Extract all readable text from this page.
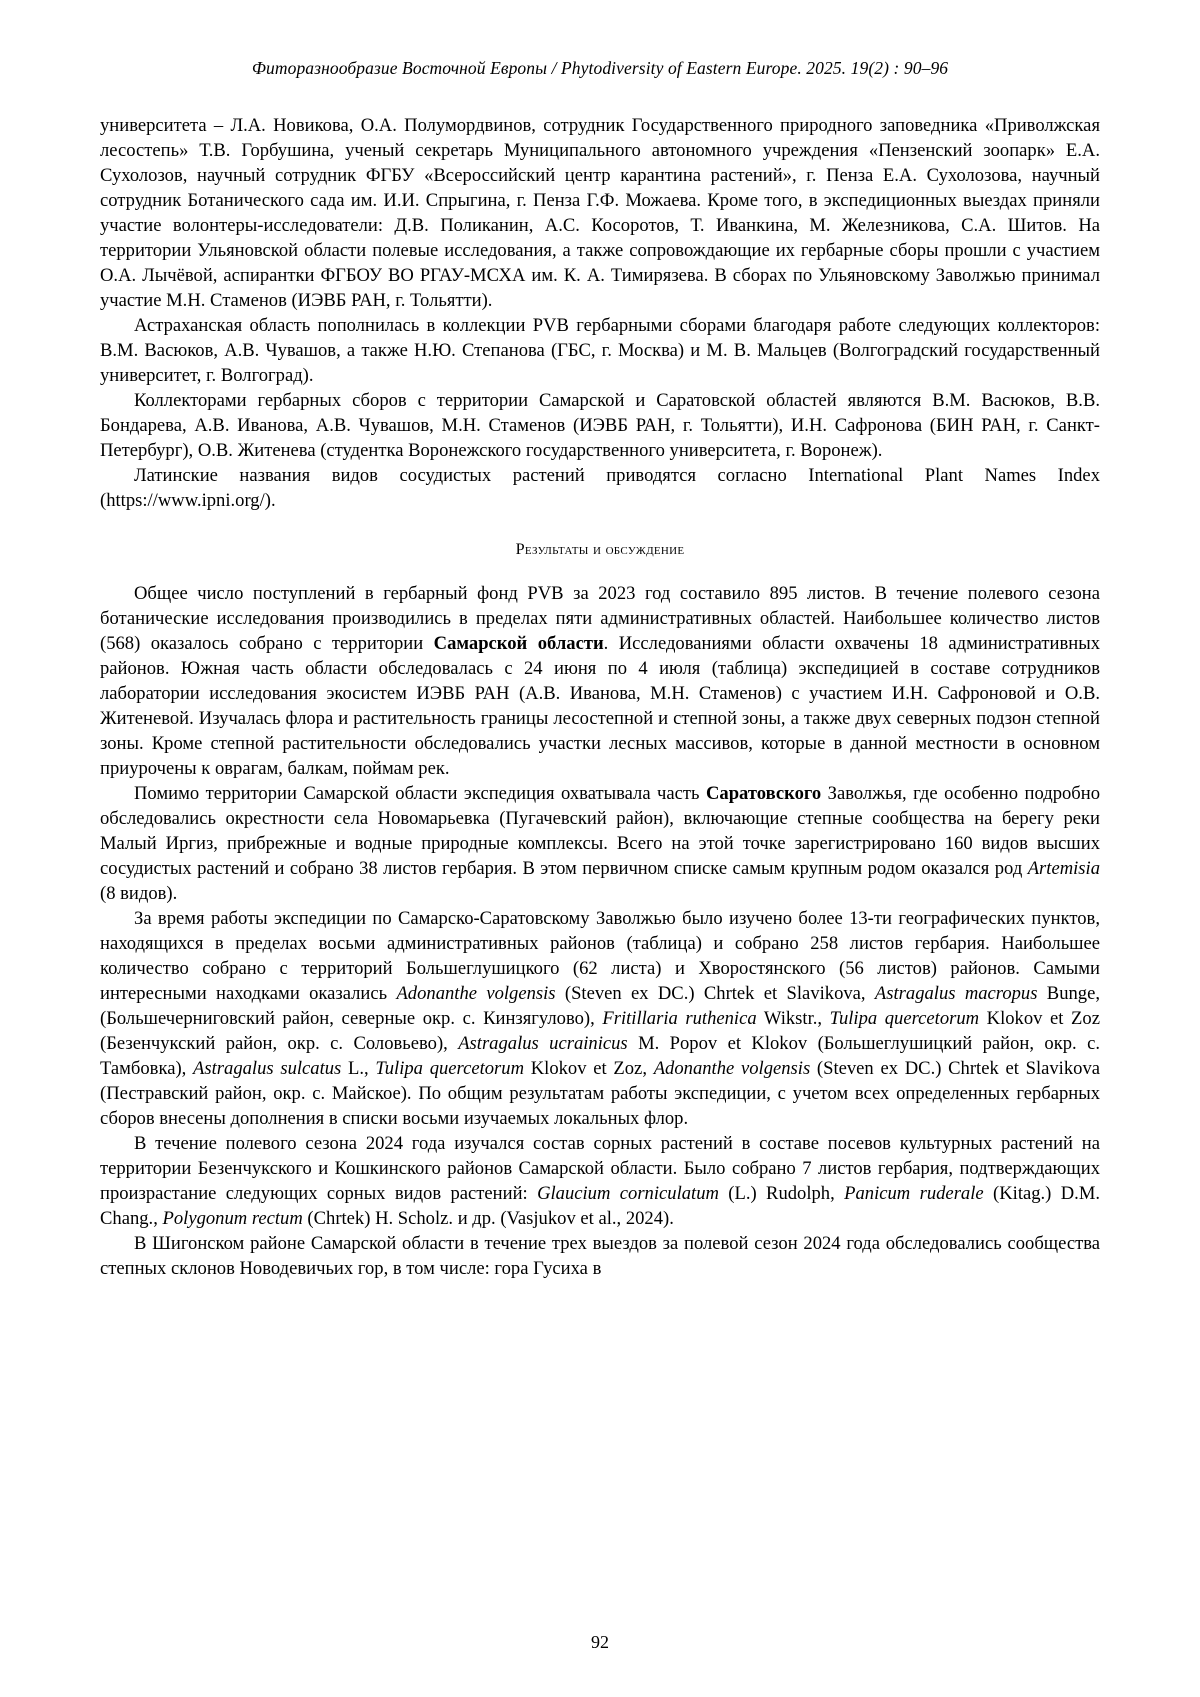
Фиторазнообразие Восточной Европы / Phytodiversity of Eastern Europe. 2025. 19(2) : 90–96

университета – Л.А. Новикова, О.А. Полумордвинов, сотрудник Государственного природного заповедника «Приволжская лесостепь» Т.В. Горбушина, ученый секретарь Муниципального автономного учреждения «Пензенский зоопарк» Е.А. Сухолозов, научный сотрудник ФГБУ «Всероссийский центр карантина растений», г. Пенза Е.А. Сухолозова, научный сотрудник Ботанического сада им. И.И. Спрыгина, г. Пенза Г.Ф. Можаева. Кроме того, в экспедиционных выездах приняли участие волонтеры-исследователи: Д.В. Поликанин, А.С. Косоротов, Т. Иванкина, М. Железникова, С.А. Шитов. На территории Ульяновской области полевые исследования, а также сопровождающие их гербарные сборы прошли с участием О.А. Лычёвой, аспирантки ФГБОУ ВО РГАУ-МСХА им. К. А. Тимирязева. В сборах по Ульяновскому Заволжью принимал участие М.Н. Стаменов (ИЭВБ РАН, г. Тольятти).

Астраханская область пополнилась в коллекции PVB гербарными сборами благодаря работе следующих коллекторов: В.М. Васюков, А.В. Чувашов, а также Н.Ю. Степанова (ГБС, г. Москва) и М. В. Мальцев (Волгоградский государственный университет, г. Волгоград).

Коллекторами гербарных сборов с территории Самарской и Саратовской областей являются В.М. Васюков, В.В. Бондарева, А.В. Иванова, А.В. Чувашов, М.Н. Стаменов (ИЭВБ РАН, г. Тольятти), И.Н. Сафронова (БИН РАН, г. Санкт-Петербург), О.В. Житенева (студентка Воронежского государственного университета, г. Воронеж).

Латинские названия видов сосудистых растений приводятся согласно International Plant Names Index (https://www.ipni.org/).

Результаты и обсуждение

Общее число поступлений в гербарный фонд PVB за 2023 год составило 895 листов. В течение полевого сезона ботанические исследования производились в пределах пяти административных областей. Наибольшее количество листов (568) оказалось собрано с территории Самарской области. Исследованиями области охвачены 18 административных районов. Южная часть области обследовалась с 24 июня по 4 июля (таблица) экспедицией в составе сотрудников лаборатории исследования экосистем ИЭВБ РАН (А.В. Иванова, М.Н. Стаменов) с участием И.Н. Сафроновой и О.В. Житеневой. Изучалась флора и растительность границы лесостепной и степной зоны, а также двух северных подзон степной зоны. Кроме степной растительности обследовались участки лесных массивов, которые в данной местности в основном приурочены к оврагам, балкам, поймам рек.

Помимо территории Самарской области экспедиция охватывала часть Саратовского Заволжья, где особенно подробно обследовались окрестности села Новомарьевка (Пугачевский район), включающие степные сообщества на берегу реки Малый Иргиз, прибрежные и водные природные комплексы. Всего на этой точке зарегистрировано 160 видов высших сосудистых растений и собрано 38 листов гербария. В этом первичном списке самым крупным родом оказался род Artemisia (8 видов).

За время работы экспедиции по Самарско-Саратовскому Заволжью было изучено более 13-ти географических пунктов, находящихся в пределах восьми административных районов (таблица) и собрано 258 листов гербария. Наибольшее количество собрано с территорий Большеглушицкого (62 листа) и Хворостянского (56 листов) районов. Самыми интересными находками оказались Adonanthe volgensis (Steven ex DC.) Chrtek et Slavikova, Astragalus macropus Bunge, (Большечерниговский район, северные окр. с. Кинзягулово), Fritillaria ruthenica Wikstr., Tulipa quercetorum Klokov et Zoz (Безенчукский район, окр. с. Соловьево), Astragalus ucrainicus M. Popov et Klokov (Большеглушицкий район, окр. с. Тамбовка), Astragalus sulcatus L., Tulipa quercetorum Klokov et Zoz, Adonanthe volgensis (Steven ex DC.) Chrtek et Slavikova (Пестравский район, окр. с. Майское). По общим результатам работы экспедиции, с учетом всех определенных гербарных сборов внесены дополнения в списки восьми изучаемых локальных флор.

В течение полевого сезона 2024 года изучался состав сорных растений в составе посевов культурных растений на территории Безенчукского и Кошкинского районов Самарской области. Было собрано 7 листов гербария, подтверждающих произрастание следующих сорных видов растений: Glaucium corniculatum (L.) Rudolph, Panicum ruderale (Kitag.) D.M. Chang., Polygonum rectum (Chrtek) H. Scholz. и др. (Vasjukov et al., 2024).

В Шигонском районе Самарской области в течение трех выездов за полевой сезон 2024 года обследовались сообщества степных склонов Новодевичьих гор, в том числе: гора Гусиха в

92
